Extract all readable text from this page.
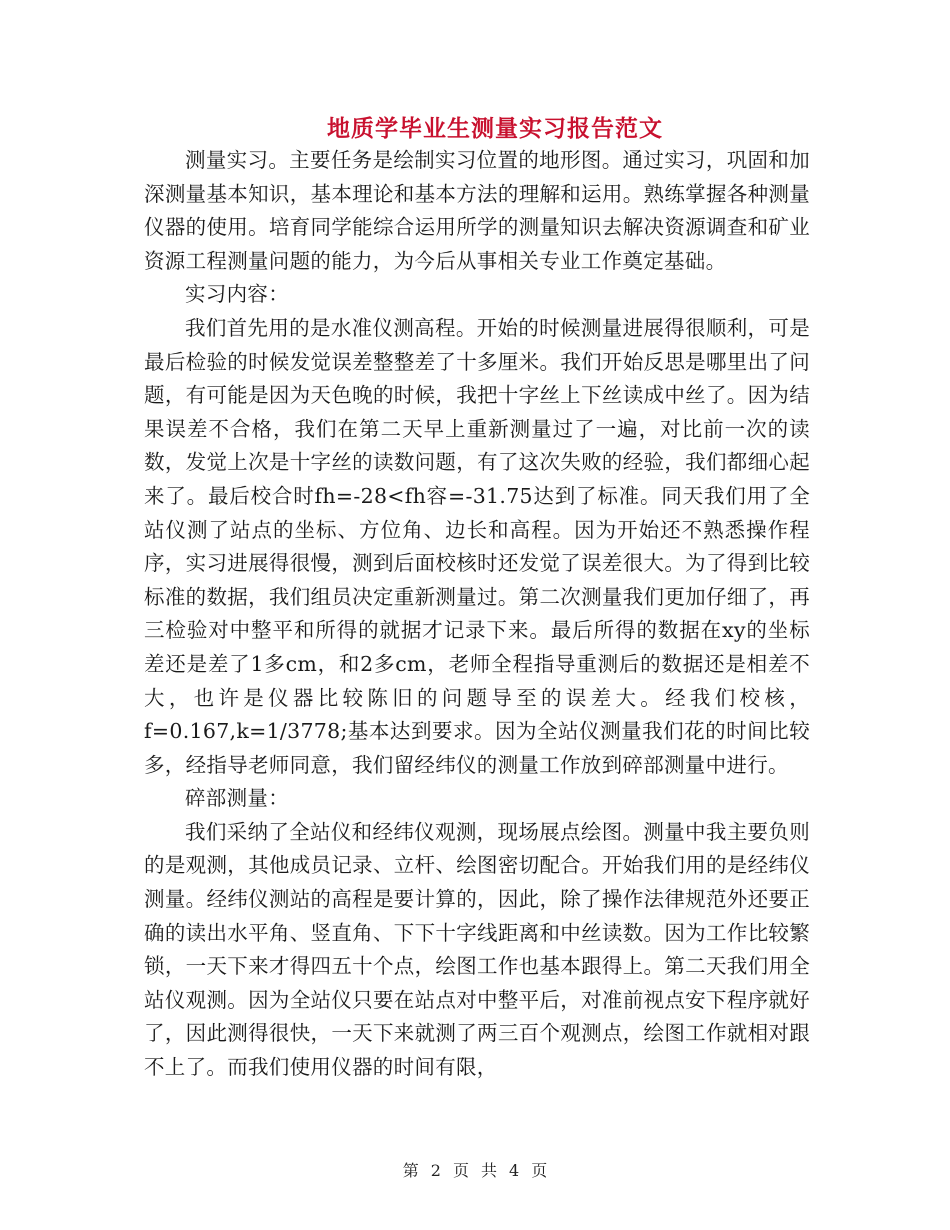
地质学毕业生测量实习报告范文

测量实习。主要任务是绘制实习位置的地形图。通过实习，巩固和加深测量基本知识，基本理论和基本方法的理解和运用。熟练掌握各种测量仪器的使用。培育同学能综合运用所学的测量知识去解决资源调查和矿业资源工程测量问题的能力，为今后从事相关专业工作奠定基础。

实习内容：

我们首先用的是水准仪测高程。开始的时候测量进展得很顺利，可是最后检验的时候发觉误差整整差了十多厘米。我们开始反思是哪里出了问题，有可能是因为天色晚的时候，我把十字丝上下丝读成中丝了。因为结果误差不合格，我们在第二天早上重新测量过了一遍，对比前一次的读数，发觉上次是十字丝的读数问题，有了这次失败的经验，我们都细心起来了。最后校合时fh=-28<fh容=-31.75达到了标准。同天我们用了全站仪测了站点的坐标、方位角、边长和高程。因为开始还不熟悉操作程序，实习进展得很慢，测到后面校核时还发觉了误差很大。为了得到比较标准的数据，我们组员决定重新测量过。第二次测量我们更加仔细了，再三检验对中整平和所得的就据才记录下来。最后所得的数据在xy的坐标差还是差了1多cm，和2多cm，老师全程指导重测后的数据还是相差不大，也许是仪器比较陈旧的问题导至的误差大。经我们校核，f=0.167,k=1/3778;基本达到要求。因为全站仪测量我们花的时间比较多，经指导老师同意，我们留经纬仪的测量工作放到碎部测量中进行。

碎部测量：

我们采纳了全站仪和经纬仪观测，现场展点绘图。测量中我主要负则的是观测，其他成员记录、立杆、绘图密切配合。开始我们用的是经纬仪测量。经纬仪测站的高程是要计算的，因此，除了操作法律规范外还要正确的读出水平角、竖直角、下下十字线距离和中丝读数。因为工作比较繁锁，一天下来才得四五十个点，绘图工作也基本跟得上。第二天我们用全站仪观测。因为全站仪只要在站点对中整平后，对准前视点安下程序就好了，因此测得很快，一天下来就测了两三百个观测点，绘图工作就相对跟不上了。而我们使用仪器的时间有限，

第 2 页 共 4 页
